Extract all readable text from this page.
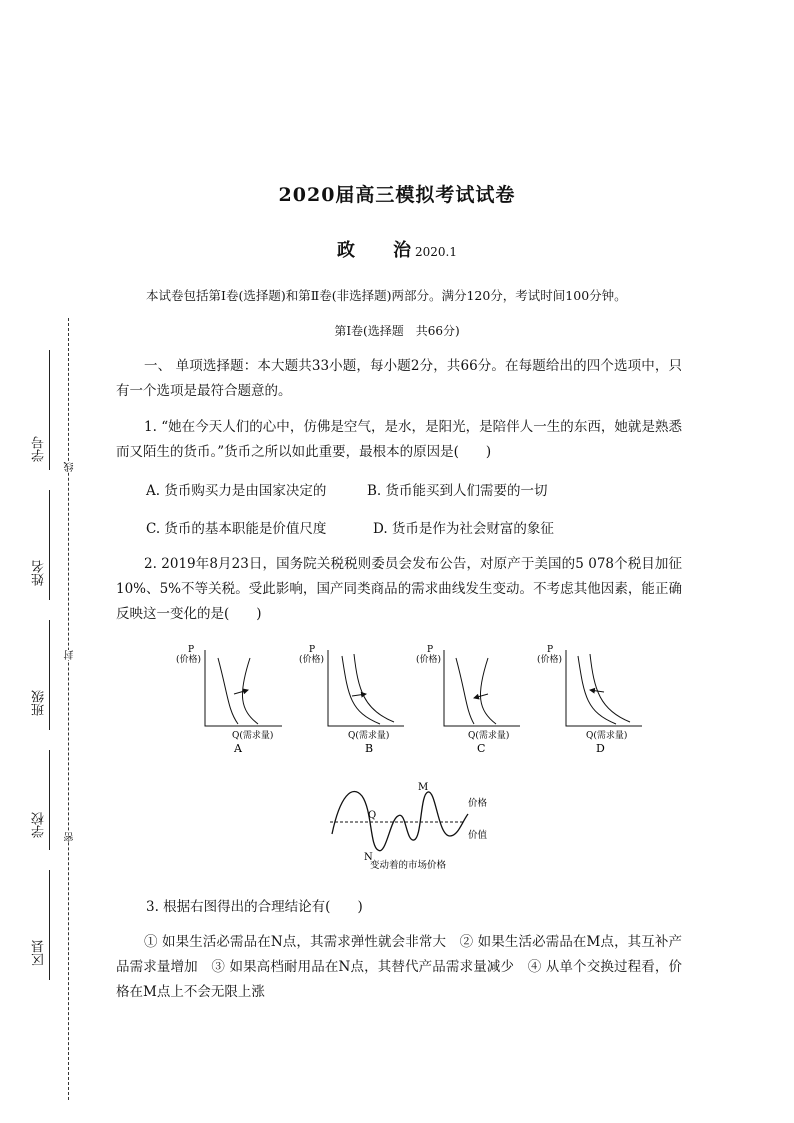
2020届高三模拟考试试卷
政 治 2020.1
本试卷包括第Ⅰ卷(选择题)和第Ⅱ卷(非选择题)两部分。满分120分，考试时间100分钟。
第Ⅰ卷(选择题　共66分)
一、 单项选择题：本大题共33小题，每小题2分，共66分。在每题给出的四个选项中，只有一个选项是最符合题意的。
1. “她在今天人们的心中，仿佛是空气，是水，是阳光，是陪伴人一生的东西，她就是熟悉而又陌生的货币。”货币之所以如此重要，最根本的原因是(　　)
A. 货币购买力是由国家决定的	B. 货币能买到人们需要的一切
C. 货币的基本职能是价值尺度	D. 货币是作为社会财富的象征
2. 2019年8月23日，国务院关税税则委员会发布公告，对原产于美国的5 078个税目加征10%、5%不等关税。受此影响，国产同类商品的需求曲线发生变动。不考虑其他因素，能正确反映这一变化的是(　　)
P
(价格)
Q(需求量)
A
P
(价格)
Q(需求量)
B
P
(价格)
Q(需求量)
C
P
(价格)
Q(需求量)
D
M
Q
N
价格
价值
变动着的市场价格
3. 根据右图得出的合理结论有(　　)
① 如果生活必需品在N点，其需求弹性就会非常大　② 如果生活必需品在M点，其互补产品需求量增加　③ 如果高档耐用品在N点，其替代产品需求量减少　④ 从单个交换过程看，价格在M点上不会无限上涨
学号
姓名
班级
学校
区县
线
封
密
